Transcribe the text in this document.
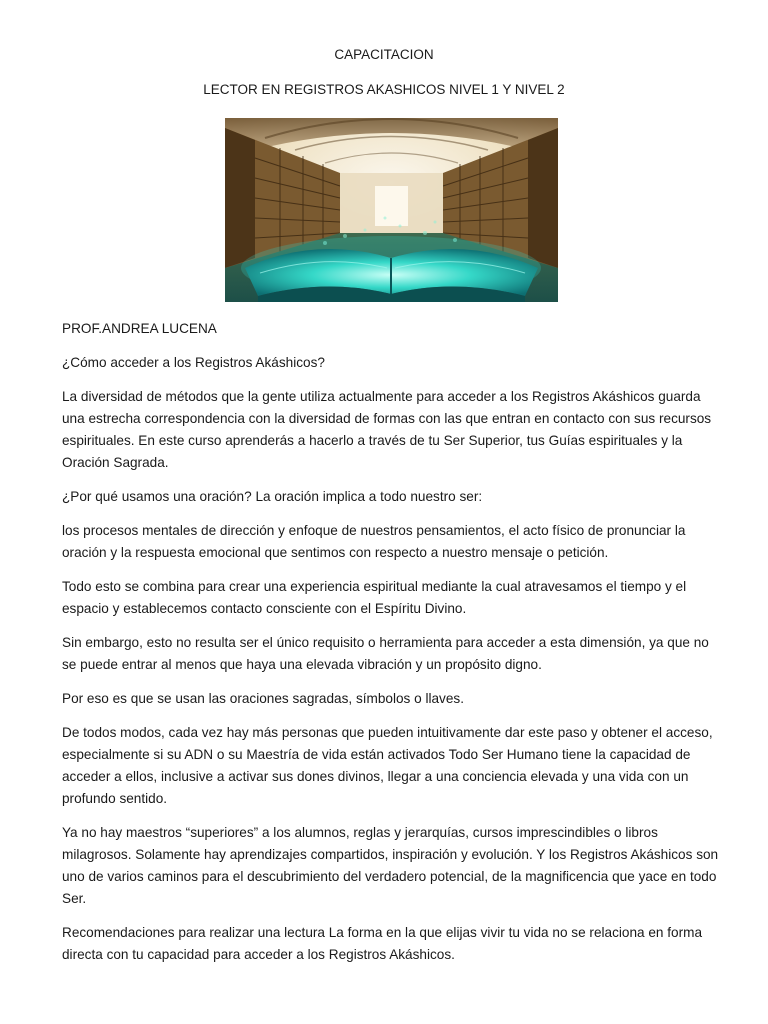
CAPACITACION
LECTOR EN REGISTROS AKASHICOS NIVEL 1 Y NIVEL 2

PROF.ANDREA LUCENA

¿Cómo acceder a los Registros Akáshicos?

La diversidad de métodos que la gente utiliza actualmente para acceder a los Registros Akáshicos guarda una estrecha correspondencia con la diversidad de formas con las que entran en contacto con sus recursos espirituales. En este curso aprenderás a hacerlo a través de tu Ser Superior, tus Guías espirituales y la Oración Sagrada.

¿Por qué usamos una oración? La oración implica a todo nuestro ser:

los procesos mentales de dirección y enfoque de nuestros pensamientos, el acto físico de pronunciar la oración y la respuesta emocional que sentimos con respecto a nuestro mensaje o petición.

Todo esto se combina para crear una experiencia espiritual mediante la cual atravesamos el tiempo y el espacio y establecemos contacto consciente con el Espíritu Divino.

Sin embargo, esto no resulta ser el único requisito o herramienta para acceder a esta dimensión, ya que no se puede entrar al menos que haya una elevada vibración y un propósito digno.

Por eso es que se usan las oraciones sagradas, símbolos o llaves.

De todos modos, cada vez hay más personas que pueden intuitivamente dar este paso y obtener el acceso, especialmente si su ADN o su Maestría de vida están activados Todo Ser Humano tiene la capacidad de acceder a ellos, inclusive a activar sus dones divinos, llegar a una conciencia elevada y una vida con un profundo sentido.

Ya no hay maestros “superiores” a los alumnos, reglas y jerarquías, cursos imprescindibles o libros milagrosos. Solamente hay aprendizajes compartidos, inspiración y evolución. Y los Registros Akáshicos son uno de varios caminos para el descubrimiento del verdadero potencial, de la magnificencia que yace en todo Ser.

Recomendaciones para realizar una lectura La forma en la que elijas vivir tu vida no se relaciona en forma directa con tu capacidad para acceder a los Registros Akáshicos.
